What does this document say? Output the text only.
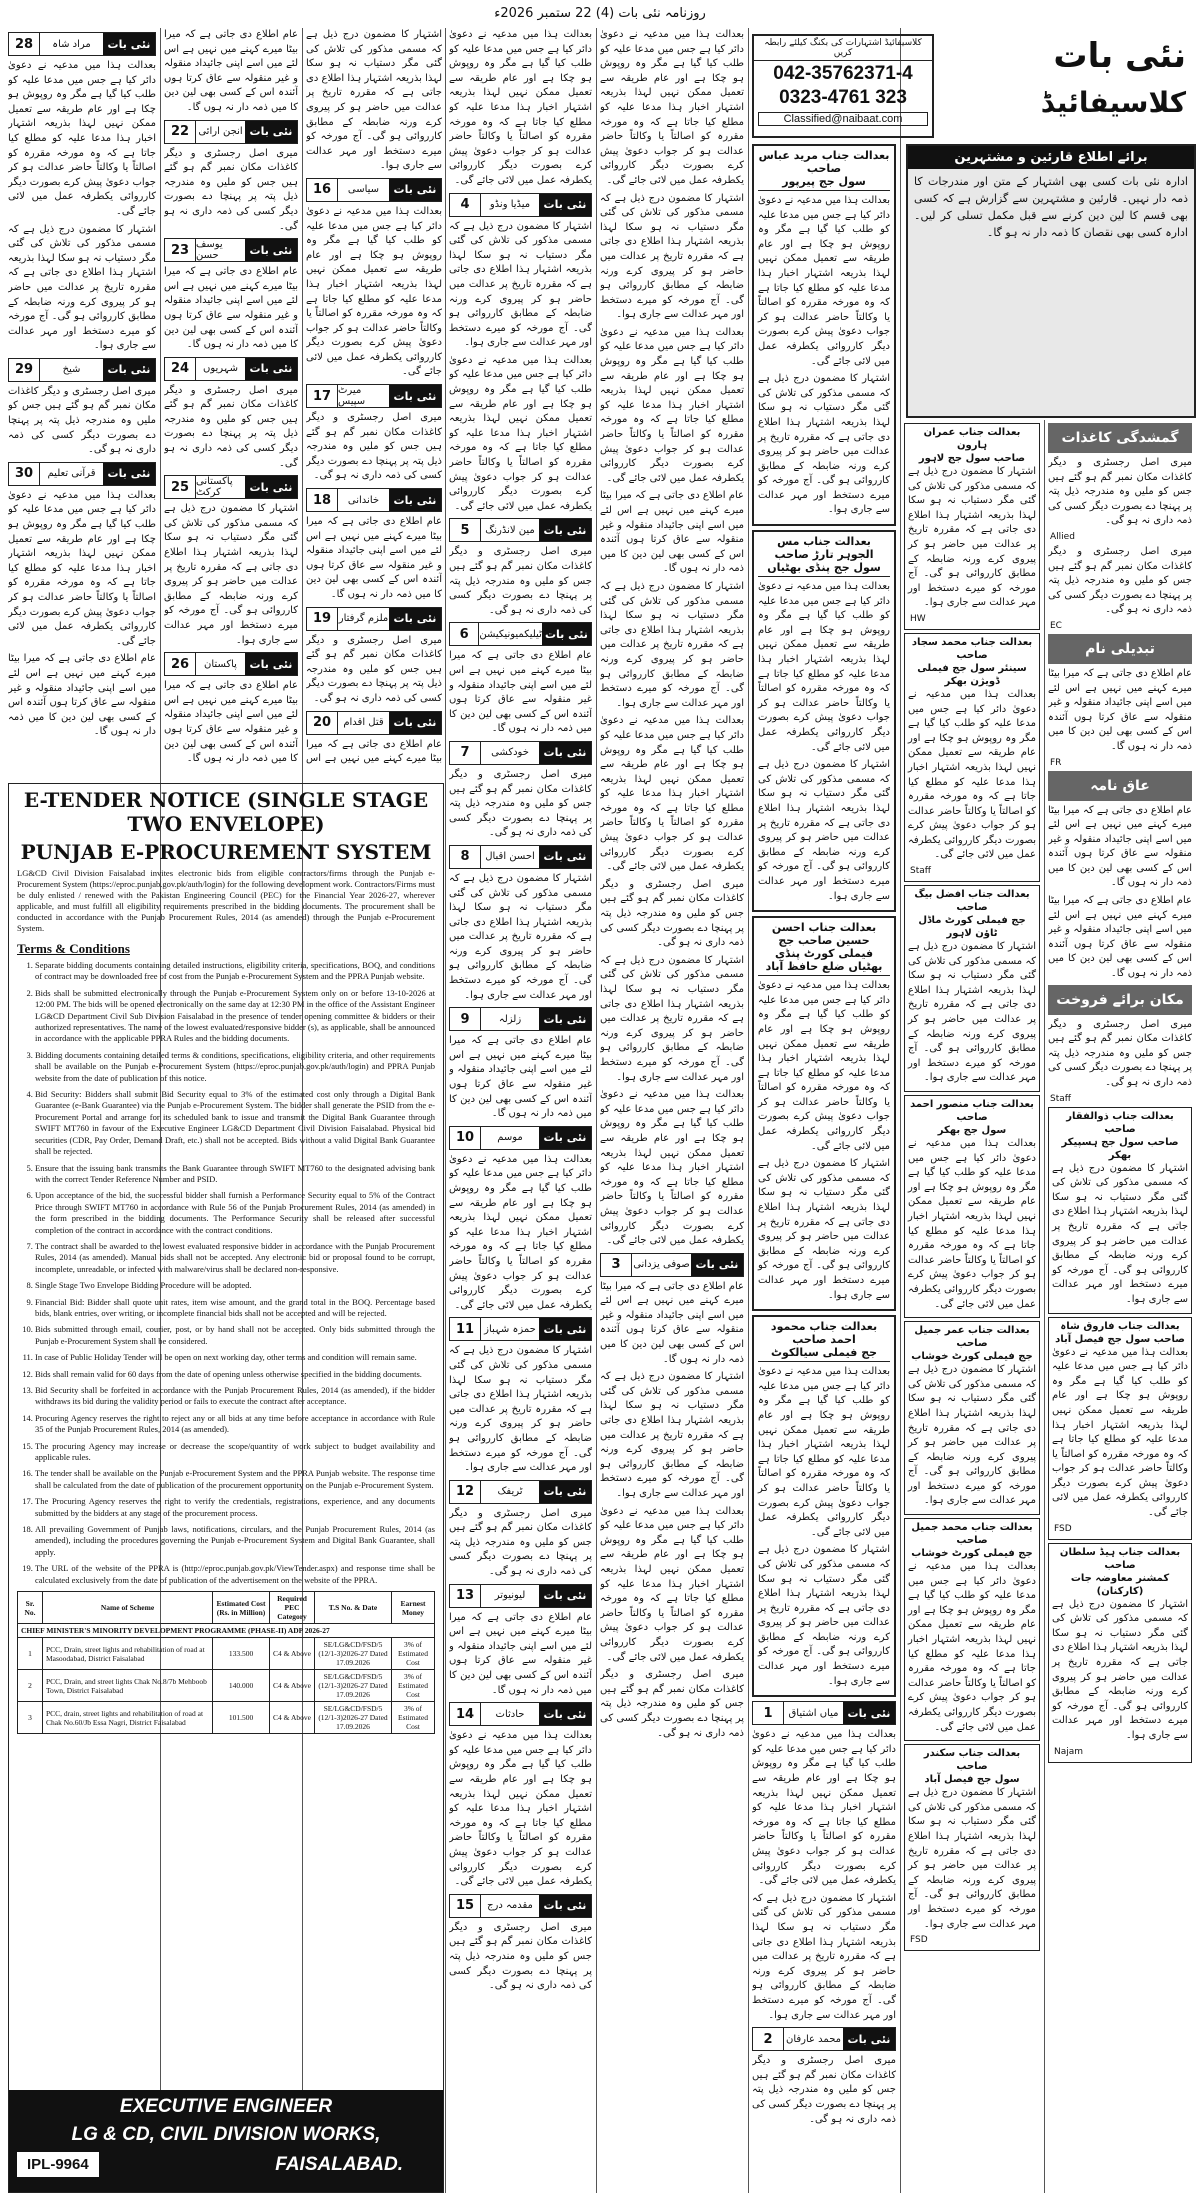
روزنامہ نئی بات (4) 22 ستمبر 2026ء
28	مراد شاہ	نئی بات

بعدالت ہذا میں مدعیہ نے دعویٰ دائر کیا ہے جس میں مدعا علیہ کو طلب کیا گیا ہے مگر وہ روپوش ہو چکا ہے اور عام طریقہ سے تعمیل ممکن نہیں لہذا بذریعہ اشتہار اخبار ہذا مدعا علیہ کو مطلع کیا جاتا ہے کہ وہ مورخہ مقررہ کو اصالتاً یا وکالتاً حاضر عدالت ہو کر جواب دعویٰ پیش کرے بصورت دیگر کارروائی یکطرفہ عمل میں لائی جائے گی۔

اشتہار کا مضمون درج ذیل ہے کہ مسمی مذکور کی تلاش کی گئی مگر دستیاب نہ ہو سکا لہذا بذریعہ اشتہار ہذا اطلاع دی جاتی ہے کہ مقررہ تاریخ پر عدالت میں حاضر ہو کر پیروی کرے ورنہ ضابطہ کے مطابق کارروائی ہو گی۔ آج مورخہ کو میرے دستخط اور مہر عدالت سے جاری ہوا۔

29	شیخ	نئی بات

میری اصل رجسٹری و دیگر کاغذات مکان نمبر گم ہو گئے ہیں جس کو ملیں وہ مندرجہ ذیل پتہ پر پہنچا دے بصورت دیگر کسی کی ذمہ داری نہ ہو گی۔

30	قرآنی تعلیم	نئی بات

بعدالت ہذا میں مدعیہ نے دعویٰ دائر کیا ہے جس میں مدعا علیہ کو طلب کیا گیا ہے مگر وہ روپوش ہو چکا ہے اور عام طریقہ سے تعمیل ممکن نہیں لہذا بذریعہ اشتہار اخبار ہذا مدعا علیہ کو مطلع کیا جاتا ہے کہ وہ مورخہ مقررہ کو اصالتاً یا وکالتاً حاضر عدالت ہو کر جواب دعویٰ پیش کرے بصورت دیگر کارروائی یکطرفہ عمل میں لائی جائے گی۔

عام اطلاع دی جاتی ہے کہ میرا بیٹا میرے کہنے میں نہیں ہے اس لئے میں اسے اپنی جائیداد منقولہ و غیر منقولہ سے عاق کرتا ہوں آئندہ اس کے کسی بھی لین دین کا میں ذمہ دار نہ ہوں گا۔

عام اطلاع دی جاتی ہے کہ میرا بیٹا میرے کہنے میں نہیں ہے اس لئے میں اسے اپنی جائیداد منقولہ و غیر منقولہ سے عاق کرتا ہوں آئندہ اس کے کسی بھی لین دین کا میں ذمہ دار نہ ہوں گا۔

22 انجن ارائی نئی بات

میری اصل رجسٹری و دیگر کاغذات مکان نمبر گم ہو گئے ہیں جس کو ملیں وہ مندرجہ ذیل پتہ پر پہنچا دے بصورت دیگر کسی کی ذمہ داری نہ ہو گی۔

23 یوسف حسن	نئی بات

عام اطلاع دی جاتی ہے کہ میرا بیٹا میرے کہنے میں نہیں ہے اس لئے میں اسے اپنی جائیداد منقولہ و غیر منقولہ سے عاق کرتا ہوں آئندہ اس کے کسی بھی لین دین کا میں ذمہ دار نہ ہوں گا۔

24	شہریوں	نئی بات

میری اصل رجسٹری و دیگر کاغذات مکان نمبر گم ہو گئے ہیں جس کو ملیں وہ مندرجہ ذیل پتہ پر پہنچا دے بصورت دیگر کسی کی ذمہ داری نہ ہو گی۔

25 پاکستانی کرکٹ	نئی بات

اشتہار کا مضمون درج ذیل ہے کہ مسمی مذکور کی تلاش کی گئی مگر دستیاب نہ ہو سکا لہذا بذریعہ اشتہار ہذا اطلاع دی جاتی ہے کہ مقررہ تاریخ پر عدالت میں حاضر ہو کر پیروی کرے ورنہ ضابطہ کے مطابق کارروائی ہو گی۔ آج مورخہ کو میرے دستخط اور مہر عدالت سے جاری ہوا۔

26	پاکستان	نئی بات

عام اطلاع دی جاتی ہے کہ میرا بیٹا میرے کہنے میں نہیں ہے اس لئے میں اسے اپنی جائیداد منقولہ و غیر منقولہ سے عاق کرتا ہوں آئندہ اس کے کسی بھی لین دین کا میں ذمہ دار نہ ہوں گا۔

اشتہار کا مضمون درج ذیل ہے کہ مسمی مذکور کی تلاش کی گئی مگر دستیاب نہ ہو سکا لہذا بذریعہ اشتہار ہذا اطلاع دی جاتی ہے کہ مقررہ تاریخ پر عدالت میں حاضر ہو کر پیروی کرے ورنہ ضابطہ کے مطابق کارروائی ہو گی۔ آج مورخہ کو میرے دستخط اور مہر عدالت سے جاری ہوا۔

16	سیاسی	نئی بات

بعدالت ہذا میں مدعیہ نے دعویٰ دائر کیا ہے جس میں مدعا علیہ کو طلب کیا گیا ہے مگر وہ روپوش ہو چکا ہے اور عام طریقہ سے تعمیل ممکن نہیں لہذا بذریعہ اشتہار اخبار ہذا مدعا علیہ کو مطلع کیا جاتا ہے کہ وہ مورخہ مقررہ کو اصالتاً یا وکالتاً حاضر عدالت ہو کر جواب دعویٰ پیش کرے بصورت دیگر کارروائی یکطرفہ عمل میں لائی جائے گی۔

17 میرٹ سپیس	نئی بات

میری اصل رجسٹری و دیگر کاغذات مکان نمبر گم ہو گئے ہیں جس کو ملیں وہ مندرجہ ذیل پتہ پر پہنچا دے بصورت دیگر کسی کی ذمہ داری نہ ہو گی۔

18	خاندانی	نئی بات

عام اطلاع دی جاتی ہے کہ میرا بیٹا میرے کہنے میں نہیں ہے اس لئے میں اسے اپنی جائیداد منقولہ و غیر منقولہ سے عاق کرتا ہوں آئندہ اس کے کسی بھی لین دین کا میں ذمہ دار نہ ہوں گا۔

19 ملزم گرفتار نئی بات

میری اصل رجسٹری و دیگر کاغذات مکان نمبر گم ہو گئے ہیں جس کو ملیں وہ مندرجہ ذیل پتہ پر پہنچا دے بصورت دیگر کسی کی ذمہ داری نہ ہو گی۔

20	قتل اقدام نئی بات

عام اطلاع دی جاتی ہے کہ میرا بیٹا میرے کہنے میں نہیں ہے اس

E-TENDER NOTICE (SINGLE STAGE TWO ENVELOPE)
PUNJAB E-PROCUREMENT SYSTEM
LG&CD Civil Division Faisalabad invites electronic bids from eligible contractors/firms through the Punjab e-Procurement System (https://eproc.punjab.gov.pk/auth/login) for the following development work. Contractors/Firms must be duly enlisted / renewed with the Pakistan Engineering Council (PEC) for the Financial Year 2026-27, wherever applicable, and must fulfill all eligibility requirements prescribed in the bidding documents. The procurement shall be conducted in accordance with the Punjab Procurement Rules, 2014 (as amended) through the Punjab e-Procurement System.
Terms & Conditions
1. Separate bidding documents containing detailed instructions, eligibility criteria, specifications, BOQ, and conditions of contract may be downloaded free of cost from the Punjab e-Procurement System and the PPRA Punjab website.
2. Bids shall be submitted electronically through the Punjab e-Procurement System only on or before 13-10-2026 at 12:00 PM. The bids will be opened electronically on the same day at 12:30 PM in the office of the Assistant Engineer LG&CD Department Civil Sub Division Faisalabad in the presence of tender opening committee & bidders or their authorized representatives. The name of the lowest evaluated/responsive bidder (s), as applicable, shall be announced in accordance with the applicable PPRA Rules and the bidding documents.
3. Bidding documents containing detailed terms & conditions, specifications, eligibility criteria, and other requirements shall be available on the Punjab e-Procurement System (https://eproc.punjab.gov.pk/auth/login) and PPRA Punjab website from the date of publication of this notice.
4. Bid Security: Bidders shall submit Bid Security equal to 3% of the estimated cost only through a Digital Bank Guarantee (e-Bank Guarantee) via the Punjab e-Procurement System. The bidder shall generate the PSID from the e-Procurement Portal and arrange for its scheduled bank to issue and transmit the Digital Bank Guarantee through SWIFT MT760 in favour of the Executive Engineer LG&CD Department Civil Division Faisalabad. Physical bid securities (CDR, Pay Order, Demand Draft, etc.) shall not be accepted. Bids without a valid Digital Bank Guarantee shall be rejected.
5. Ensure that the issuing bank transmits the Bank Guarantee through SWIFT MT760 to the designated advising bank with the correct Tender Reference Number and PSID.
6. Upon acceptance of the bid, the successful bidder shall furnish a Performance Security equal to 5% of the Contract Price through SWIFT MT760 in accordance with Rule 56 of the Punjab Procurement Rules, 2014 (as amended) in the form prescribed in the bidding documents. The Performance Security shall be released after successful completion of the contract in accordance with the contract conditions.
7. The contract shall be awarded to the lowest evaluated responsive bidder in accordance with the Punjab Procurement Rules, 2014 (as amended). Manual bids shall not be accepted. Any electronic bid or proposal found to be corrupt, incomplete, unreadable, or infected with malware/virus shall be declared non-responsive.
8. Single Stage Two Envelope Bidding Procedure will be adopted.
9. Financial Bid: Bidder shall quote unit rates, item wise amount, and the grand total in the BOQ. Percentage based bids, blank entries, over writing, or incomplete financial bids shall not be accepted and will be rejected.
10. Bids submitted through email, courier, post, or by hand shall not be accepted. Only bids submitted through the Punjab e-Procurement System shall be considered.
11. In case of Public Holiday Tender will be open on next working day, other terms and condition will remain same.
12. Bids shall remain valid for 60 days from the date of opening unless otherwise specified in the bidding documents.
13. Bid Security shall be forfeited in accordance with the Punjab Procurement Rules, 2014 (as amended), if the bidder withdraws its bid during the validity period or fails to execute the contract after acceptance.
14. Procuring Agency reserves the right to reject any or all bids at any time before acceptance in accordance with Rule 35 of the Punjab Procurement Rules, 2014 (as amended).
15. The procuring Agency may increase or decrease the scope/quantity of work subject to budget availability and applicable rules.
16. The tender shall be available on the Punjab e-Procurement System and the PPRA Punjab website. The response time shall be calculated from the date of publication of the procurement opportunity on the Punjab e-Procurement System.
17. The Procuring Agency reserves the right to verify the credentials, registrations, experience, and any documents submitted by the bidders at any stage of the procurement process.
18. All prevailing Government of Punjab laws, notifications, circulars, and the Punjab Procurement Rules, 2014 (as amended), including the procedures governing the Punjab e-Procurement System and Digital Bank Guarantee, shall apply.
19. The URL of the website of the PPRA is (http://eproc.punjab.gov.pk/ViewTender.aspx) and response time shall be calculated exclusively from the date of publication of the advertisement on the website of the PPRA.
Sr. No.	Name of Scheme	Estimated Cost (Rs. in Million)	Required PEC Category	T.S No. & Date	Earnest Money
CHIEF MINISTER'S MINORITY DEVELOPMENT PROGRAMME (PHASE-II) ADP 2026-27					
1	PCC, Drain, street lights and rehabilitation of road at Masoodabad, District Faisalabad	133.500	C4 & Above	SE/LG&CD/FSD/5 (12/1-3)2026-27 Dated 17.09.2026	3% of Estimated Cost
2	PCC, Drain, and street lights Chak No.8/7b Mehboob Town, District Faisalabad	140.000	C4 & Above	SE/LG&CD/FSD/5 (12/1-3)2026-27 Dated 17.09.2026	3% of Estimated Cost
3	PCC, drain, street lights and rehabilitation of road at Chak No.60/Jb Essa Nagri, District Faisalabad	101.500	C4 & Above	SE/LG&CD/FSD/5 (12/1-3)2026-27 Dated 17.09.2026	3% of Estimated Cost
EXECUTIVE ENGINEER
LG & CD, CIVIL DIVISION WORKS,
IPL-9964	FAISALABAD.

بعدالت ہذا میں مدعیہ نے دعویٰ دائر کیا ہے جس میں مدعا علیہ کو طلب کیا گیا ہے مگر وہ روپوش ہو چکا ہے اور عام طریقہ سے تعمیل ممکن نہیں لہذا بذریعہ اشتہار اخبار ہذا مدعا علیہ کو مطلع کیا جاتا ہے کہ وہ مورخہ مقررہ کو اصالتاً یا وکالتاً حاضر عدالت ہو کر جواب دعویٰ پیش کرے بصورت دیگر کارروائی یکطرفہ عمل میں لائی جائے گی۔

4	میڈیا ونڈو	نئی بات

اشتہار کا مضمون درج ذیل ہے کہ مسمی مذکور کی تلاش کی گئی مگر دستیاب نہ ہو سکا لہذا بذریعہ اشتہار ہذا اطلاع دی جاتی ہے کہ مقررہ تاریخ پر عدالت میں حاضر ہو کر پیروی کرے ورنہ ضابطہ کے مطابق کارروائی ہو گی۔ آج مورخہ کو میرے دستخط اور مہر عدالت سے جاری ہوا۔

بعدالت ہذا میں مدعیہ نے دعویٰ دائر کیا ہے جس میں مدعا علیہ کو طلب کیا گیا ہے مگر وہ روپوش ہو چکا ہے اور عام طریقہ سے تعمیل ممکن نہیں لہذا بذریعہ اشتہار اخبار ہذا مدعا علیہ کو مطلع کیا جاتا ہے کہ وہ مورخہ مقررہ کو اصالتاً یا وکالتاً حاضر عدالت ہو کر جواب دعویٰ پیش کرے بصورت دیگر کارروائی یکطرفہ عمل میں لائی جائے گی۔

5	مین لانڈرنگ نئی بات

میری اصل رجسٹری و دیگر کاغذات مکان نمبر گم ہو گئے ہیں جس کو ملیں وہ مندرجہ ذیل پتہ پر پہنچا دے بصورت دیگر کسی کی ذمہ داری نہ ہو گی۔

6	ٹیلیکمیونیکیشن نئی بات

عام اطلاع دی جاتی ہے کہ میرا بیٹا میرے کہنے میں نہیں ہے اس لئے میں اسے اپنی جائیداد منقولہ و غیر منقولہ سے عاق کرتا ہوں آئندہ اس کے کسی بھی لین دین کا میں ذمہ دار نہ ہوں گا۔

7	خودکشی	نئی بات

میری اصل رجسٹری و دیگر کاغذات مکان نمبر گم ہو گئے ہیں جس کو ملیں وہ مندرجہ ذیل پتہ پر پہنچا دے بصورت دیگر کسی کی ذمہ داری نہ ہو گی۔

8	احسن اقبال نئی بات

اشتہار کا مضمون درج ذیل ہے کہ مسمی مذکور کی تلاش کی گئی مگر دستیاب نہ ہو سکا لہذا بذریعہ اشتہار ہذا اطلاع دی جاتی ہے کہ مقررہ تاریخ پر عدالت میں حاضر ہو کر پیروی کرے ورنہ ضابطہ کے مطابق کارروائی ہو گی۔ آج مورخہ کو میرے دستخط اور مہر عدالت سے جاری ہوا۔

9	زلزلہ	نئی بات

عام اطلاع دی جاتی ہے کہ میرا بیٹا میرے کہنے میں نہیں ہے اس لئے میں اسے اپنی جائیداد منقولہ و غیر منقولہ سے عاق کرتا ہوں آئندہ اس کے کسی بھی لین دین کا میں ذمہ دار نہ ہوں گا۔

10	موسم	نئی بات

بعدالت ہذا میں مدعیہ نے دعویٰ دائر کیا ہے جس میں مدعا علیہ کو طلب کیا گیا ہے مگر وہ روپوش ہو چکا ہے اور عام طریقہ سے تعمیل ممکن نہیں لہذا بذریعہ اشتہار اخبار ہذا مدعا علیہ کو مطلع کیا جاتا ہے کہ وہ مورخہ مقررہ کو اصالتاً یا وکالتاً حاضر عدالت ہو کر جواب دعویٰ پیش کرے بصورت دیگر کارروائی یکطرفہ عمل میں لائی جائے گی۔

11	حمزہ شہباز نئی بات

اشتہار کا مضمون درج ذیل ہے کہ مسمی مذکور کی تلاش کی گئی مگر دستیاب نہ ہو سکا لہذا بذریعہ اشتہار ہذا اطلاع دی جاتی ہے کہ مقررہ تاریخ پر عدالت میں حاضر ہو کر پیروی کرے ورنہ ضابطہ کے مطابق کارروائی ہو گی۔ آج مورخہ کو میرے دستخط اور مہر عدالت سے جاری ہوا۔

12	ٹریفک	نئی بات

میری اصل رجسٹری و دیگر کاغذات مکان نمبر گم ہو گئے ہیں جس کو ملیں وہ مندرجہ ذیل پتہ پر پہنچا دے بصورت دیگر کسی کی ذمہ داری نہ ہو گی۔

13	لیونیوتر	نئی بات

عام اطلاع دی جاتی ہے کہ میرا بیٹا میرے کہنے میں نہیں ہے اس لئے میں اسے اپنی جائیداد منقولہ و غیر منقولہ سے عاق کرتا ہوں آئندہ اس کے کسی بھی لین دین کا میں ذمہ دار نہ ہوں گا۔

14	حادثات	نئی بات

بعدالت ہذا میں مدعیہ نے دعویٰ دائر کیا ہے جس میں مدعا علیہ کو طلب کیا گیا ہے مگر وہ روپوش ہو چکا ہے اور عام طریقہ سے تعمیل ممکن نہیں لہذا بذریعہ اشتہار اخبار ہذا مدعا علیہ کو مطلع کیا جاتا ہے کہ وہ مورخہ مقررہ کو اصالتاً یا وکالتاً حاضر عدالت ہو کر جواب دعویٰ پیش کرے بصورت دیگر کارروائی یکطرفہ عمل میں لائی جائے گی۔

15	مقدمہ درج نئی بات

میری اصل رجسٹری و دیگر کاغذات مکان نمبر گم ہو گئے ہیں جس کو ملیں وہ مندرجہ ذیل پتہ پر پہنچا دے بصورت دیگر کسی کی ذمہ داری نہ ہو گی۔

بعدالت ہذا میں مدعیہ نے دعویٰ دائر کیا ہے جس میں مدعا علیہ کو طلب کیا گیا ہے مگر وہ روپوش ہو چکا ہے اور عام طریقہ سے تعمیل ممکن نہیں لہذا بذریعہ اشتہار اخبار ہذا مدعا علیہ کو مطلع کیا جاتا ہے کہ وہ مورخہ مقررہ کو اصالتاً یا وکالتاً حاضر عدالت ہو کر جواب دعویٰ پیش کرے بصورت دیگر کارروائی یکطرفہ عمل میں لائی جائے گی۔

اشتہار کا مضمون درج ذیل ہے کہ مسمی مذکور کی تلاش کی گئی مگر دستیاب نہ ہو سکا لہذا بذریعہ اشتہار ہذا اطلاع دی جاتی ہے کہ مقررہ تاریخ پر عدالت میں حاضر ہو کر پیروی کرے ورنہ ضابطہ کے مطابق کارروائی ہو گی۔ آج مورخہ کو میرے دستخط اور مہر عدالت سے جاری ہوا۔

بعدالت ہذا میں مدعیہ نے دعویٰ دائر کیا ہے جس میں مدعا علیہ کو طلب کیا گیا ہے مگر وہ روپوش ہو چکا ہے اور عام طریقہ سے تعمیل ممکن نہیں لہذا بذریعہ اشتہار اخبار ہذا مدعا علیہ کو مطلع کیا جاتا ہے کہ وہ مورخہ مقررہ کو اصالتاً یا وکالتاً حاضر عدالت ہو کر جواب دعویٰ پیش کرے بصورت دیگر کارروائی یکطرفہ عمل میں لائی جائے گی۔

عام اطلاع دی جاتی ہے کہ میرا بیٹا میرے کہنے میں نہیں ہے اس لئے میں اسے اپنی جائیداد منقولہ و غیر منقولہ سے عاق کرتا ہوں آئندہ اس کے کسی بھی لین دین کا میں ذمہ دار نہ ہوں گا۔

اشتہار کا مضمون درج ذیل ہے کہ مسمی مذکور کی تلاش کی گئی مگر دستیاب نہ ہو سکا لہذا بذریعہ اشتہار ہذا اطلاع دی جاتی ہے کہ مقررہ تاریخ پر عدالت میں حاضر ہو کر پیروی کرے ورنہ ضابطہ کے مطابق کارروائی ہو گی۔ آج مورخہ کو میرے دستخط اور مہر عدالت سے جاری ہوا۔

بعدالت ہذا میں مدعیہ نے دعویٰ دائر کیا ہے جس میں مدعا علیہ کو طلب کیا گیا ہے مگر وہ روپوش ہو چکا ہے اور عام طریقہ سے تعمیل ممکن نہیں لہذا بذریعہ اشتہار اخبار ہذا مدعا علیہ کو مطلع کیا جاتا ہے کہ وہ مورخہ مقررہ کو اصالتاً یا وکالتاً حاضر عدالت ہو کر جواب دعویٰ پیش کرے بصورت دیگر کارروائی یکطرفہ عمل میں لائی جائے گی۔

میری اصل رجسٹری و دیگر کاغذات مکان نمبر گم ہو گئے ہیں جس کو ملیں وہ مندرجہ ذیل پتہ پر پہنچا دے بصورت دیگر کسی کی ذمہ داری نہ ہو گی۔

اشتہار کا مضمون درج ذیل ہے کہ مسمی مذکور کی تلاش کی گئی مگر دستیاب نہ ہو سکا لہذا بذریعہ اشتہار ہذا اطلاع دی جاتی ہے کہ مقررہ تاریخ پر عدالت میں حاضر ہو کر پیروی کرے ورنہ ضابطہ کے مطابق کارروائی ہو گی۔ آج مورخہ کو میرے دستخط اور مہر عدالت سے جاری ہوا۔

بعدالت ہذا میں مدعیہ نے دعویٰ دائر کیا ہے جس میں مدعا علیہ کو طلب کیا گیا ہے مگر وہ روپوش ہو چکا ہے اور عام طریقہ سے تعمیل ممکن نہیں لہذا بذریعہ اشتہار اخبار ہذا مدعا علیہ کو مطلع کیا جاتا ہے کہ وہ مورخہ مقررہ کو اصالتاً یا وکالتاً حاضر عدالت ہو کر جواب دعویٰ پیش کرے بصورت دیگر کارروائی یکطرفہ عمل میں لائی جائے گی۔

3	صوفی یزدانی نئی بات

عام اطلاع دی جاتی ہے کہ میرا بیٹا میرے کہنے میں نہیں ہے اس لئے میں اسے اپنی جائیداد منقولہ و غیر منقولہ سے عاق کرتا ہوں آئندہ اس کے کسی بھی لین دین کا میں ذمہ دار نہ ہوں گا۔

اشتہار کا مضمون درج ذیل ہے کہ مسمی مذکور کی تلاش کی گئی مگر دستیاب نہ ہو سکا لہذا بذریعہ اشتہار ہذا اطلاع دی جاتی ہے کہ مقررہ تاریخ پر عدالت میں حاضر ہو کر پیروی کرے ورنہ ضابطہ کے مطابق کارروائی ہو گی۔ آج مورخہ کو میرے دستخط اور مہر عدالت سے جاری ہوا۔

بعدالت ہذا میں مدعیہ نے دعویٰ دائر کیا ہے جس میں مدعا علیہ کو طلب کیا گیا ہے مگر وہ روپوش ہو چکا ہے اور عام طریقہ سے تعمیل ممکن نہیں لہذا بذریعہ اشتہار اخبار ہذا مدعا علیہ کو مطلع کیا جاتا ہے کہ وہ مورخہ مقررہ کو اصالتاً یا وکالتاً حاضر عدالت ہو کر جواب دعویٰ پیش کرے بصورت دیگر کارروائی یکطرفہ عمل میں لائی جائے گی۔

میری اصل رجسٹری و دیگر کاغذات مکان نمبر گم ہو گئے ہیں جس کو ملیں وہ مندرجہ ذیل پتہ پر پہنچا دے بصورت دیگر کسی کی ذمہ داری نہ ہو گی۔

کلاسیفائیڈ اشتہارات کی بکنگ کیلئے رابطہ کریں
042-35762371-4
0323-4761 323
Classified@naibaat.com
نئی بات
کلاسیفائیڈ
بعدالت جناب مرید عباس صاحب
سول جج پیرپور

بعدالت ہذا میں مدعیہ نے دعویٰ دائر کیا ہے جس میں مدعا علیہ کو طلب کیا گیا ہے مگر وہ روپوش ہو چکا ہے اور عام طریقہ سے تعمیل ممکن نہیں لہذا بذریعہ اشتہار اخبار ہذا مدعا علیہ کو مطلع کیا جاتا ہے کہ وہ مورخہ مقررہ کو اصالتاً یا وکالتاً حاضر عدالت ہو کر جواب دعویٰ پیش کرے بصورت دیگر کارروائی یکطرفہ عمل میں لائی جائے گی۔

اشتہار کا مضمون درج ذیل ہے کہ مسمی مذکور کی تلاش کی گئی مگر دستیاب نہ ہو سکا لہذا بذریعہ اشتہار ہذا اطلاع دی جاتی ہے کہ مقررہ تاریخ پر عدالت میں حاضر ہو کر پیروی کرے ورنہ ضابطہ کے مطابق کارروائی ہو گی۔ آج مورخہ کو میرے دستخط اور مہر عدالت سے جاری ہوا۔

بعدالت جناب مس الجوہر تارڑ صاحب
سول جج پنڈی بھٹیاں

بعدالت ہذا میں مدعیہ نے دعویٰ دائر کیا ہے جس میں مدعا علیہ کو طلب کیا گیا ہے مگر وہ روپوش ہو چکا ہے اور عام طریقہ سے تعمیل ممکن نہیں لہذا بذریعہ اشتہار اخبار ہذا مدعا علیہ کو مطلع کیا جاتا ہے کہ وہ مورخہ مقررہ کو اصالتاً یا وکالتاً حاضر عدالت ہو کر جواب دعویٰ پیش کرے بصورت دیگر کارروائی یکطرفہ عمل میں لائی جائے گی۔

اشتہار کا مضمون درج ذیل ہے کہ مسمی مذکور کی تلاش کی گئی مگر دستیاب نہ ہو سکا لہذا بذریعہ اشتہار ہذا اطلاع دی جاتی ہے کہ مقررہ تاریخ پر عدالت میں حاضر ہو کر پیروی کرے ورنہ ضابطہ کے مطابق کارروائی ہو گی۔ آج مورخہ کو میرے دستخط اور مہر عدالت سے جاری ہوا۔

بعدالت جناب احسن حسین صاحب جج
فیملی کورٹ پنڈی بھٹیاں ضلع حافظ آباد

بعدالت ہذا میں مدعیہ نے دعویٰ دائر کیا ہے جس میں مدعا علیہ کو طلب کیا گیا ہے مگر وہ روپوش ہو چکا ہے اور عام طریقہ سے تعمیل ممکن نہیں لہذا بذریعہ اشتہار اخبار ہذا مدعا علیہ کو مطلع کیا جاتا ہے کہ وہ مورخہ مقررہ کو اصالتاً یا وکالتاً حاضر عدالت ہو کر جواب دعویٰ پیش کرے بصورت دیگر کارروائی یکطرفہ عمل میں لائی جائے گی۔

اشتہار کا مضمون درج ذیل ہے کہ مسمی مذکور کی تلاش کی گئی مگر دستیاب نہ ہو سکا لہذا بذریعہ اشتہار ہذا اطلاع دی جاتی ہے کہ مقررہ تاریخ پر عدالت میں حاضر ہو کر پیروی کرے ورنہ ضابطہ کے مطابق کارروائی ہو گی۔ آج مورخہ کو میرے دستخط اور مہر عدالت سے جاری ہوا۔

بعدالت جناب محمود احمد صاحب
جج فیملی سیالکوٹ

بعدالت ہذا میں مدعیہ نے دعویٰ دائر کیا ہے جس میں مدعا علیہ کو طلب کیا گیا ہے مگر وہ روپوش ہو چکا ہے اور عام طریقہ سے تعمیل ممکن نہیں لہذا بذریعہ اشتہار اخبار ہذا مدعا علیہ کو مطلع کیا جاتا ہے کہ وہ مورخہ مقررہ کو اصالتاً یا وکالتاً حاضر عدالت ہو کر جواب دعویٰ پیش کرے بصورت دیگر کارروائی یکطرفہ عمل میں لائی جائے گی۔

اشتہار کا مضمون درج ذیل ہے کہ مسمی مذکور کی تلاش کی گئی مگر دستیاب نہ ہو سکا لہذا بذریعہ اشتہار ہذا اطلاع دی جاتی ہے کہ مقررہ تاریخ پر عدالت میں حاضر ہو کر پیروی کرے ورنہ ضابطہ کے مطابق کارروائی ہو گی۔ آج مورخہ کو میرے دستخط اور مہر عدالت سے جاری ہوا۔

1	میاں اشتیاق نئی بات

بعدالت ہذا میں مدعیہ نے دعویٰ دائر کیا ہے جس میں مدعا علیہ کو طلب کیا گیا ہے مگر وہ روپوش ہو چکا ہے اور عام طریقہ سے تعمیل ممکن نہیں لہذا بذریعہ اشتہار اخبار ہذا مدعا علیہ کو مطلع کیا جاتا ہے کہ وہ مورخہ مقررہ کو اصالتاً یا وکالتاً حاضر عدالت ہو کر جواب دعویٰ پیش کرے بصورت دیگر کارروائی یکطرفہ عمل میں لائی جائے گی۔

اشتہار کا مضمون درج ذیل ہے کہ مسمی مذکور کی تلاش کی گئی مگر دستیاب نہ ہو سکا لہذا بذریعہ اشتہار ہذا اطلاع دی جاتی ہے کہ مقررہ تاریخ پر عدالت میں حاضر ہو کر پیروی کرے ورنہ ضابطہ کے مطابق کارروائی ہو گی۔ آج مورخہ کو میرے دستخط اور مہر عدالت سے جاری ہوا۔

2	محمد عارفان نئی بات

میری اصل رجسٹری و دیگر کاغذات مکان نمبر گم ہو گئے ہیں جس کو ملیں وہ مندرجہ ذیل پتہ پر پہنچا دے بصورت دیگر کسی کی ذمہ داری نہ ہو گی۔

برائے اطلاع قارئین و مشتہرین

ادارہ نئی بات کسی بھی اشتہار کے متن اور مندرجات کا ذمہ دار نہیں۔ قارئین و مشتہرین سے گزارش ہے کہ کسی بھی قسم کا لین دین کرنے سے قبل مکمل تسلی کر لیں۔ ادارہ کسی بھی نقصان کا ذمہ دار نہ ہو گا۔

بعدالت جناب عمران ہارون
صاحب سول جج لاہور

اشتہار کا مضمون درج ذیل ہے کہ مسمی مذکور کی تلاش کی گئی مگر دستیاب نہ ہو سکا لہذا بذریعہ اشتہار ہذا اطلاع دی جاتی ہے کہ مقررہ تاریخ پر عدالت میں حاضر ہو کر پیروی کرے ورنہ ضابطہ کے مطابق کارروائی ہو گی۔ آج مورخہ کو میرے دستخط اور مہر عدالت سے جاری ہوا۔

HW
بعدالت جناب محمد سجاد صاحب
سینئر سول جج فیملی ڈویژن بھکر

بعدالت ہذا میں مدعیہ نے دعویٰ دائر کیا ہے جس میں مدعا علیہ کو طلب کیا گیا ہے مگر وہ روپوش ہو چکا ہے اور عام طریقہ سے تعمیل ممکن نہیں لہذا بذریعہ اشتہار اخبار ہذا مدعا علیہ کو مطلع کیا جاتا ہے کہ وہ مورخہ مقررہ کو اصالتاً یا وکالتاً حاضر عدالت ہو کر جواب دعویٰ پیش کرے بصورت دیگر کارروائی یکطرفہ عمل میں لائی جائے گی۔

Staff
بعدالت جناب افضل بیگ صاحب
جج فیملی کورٹ ماڈل ٹاؤن لاہور

اشتہار کا مضمون درج ذیل ہے کہ مسمی مذکور کی تلاش کی گئی مگر دستیاب نہ ہو سکا لہذا بذریعہ اشتہار ہذا اطلاع دی جاتی ہے کہ مقررہ تاریخ پر عدالت میں حاضر ہو کر پیروی کرے ورنہ ضابطہ کے مطابق کارروائی ہو گی۔ آج مورخہ کو میرے دستخط اور مہر عدالت سے جاری ہوا۔

بعدالت جناب منصور احمد صاحب
سول جج بھکر

بعدالت ہذا میں مدعیہ نے دعویٰ دائر کیا ہے جس میں مدعا علیہ کو طلب کیا گیا ہے مگر وہ روپوش ہو چکا ہے اور عام طریقہ سے تعمیل ممکن نہیں لہذا بذریعہ اشتہار اخبار ہذا مدعا علیہ کو مطلع کیا جاتا ہے کہ وہ مورخہ مقررہ کو اصالتاً یا وکالتاً حاضر عدالت ہو کر جواب دعویٰ پیش کرے بصورت دیگر کارروائی یکطرفہ عمل میں لائی جائے گی۔

بعدالت جناب عمر جمیل صاحب
جج فیملی کورٹ خوشاب

اشتہار کا مضمون درج ذیل ہے کہ مسمی مذکور کی تلاش کی گئی مگر دستیاب نہ ہو سکا لہذا بذریعہ اشتہار ہذا اطلاع دی جاتی ہے کہ مقررہ تاریخ پر عدالت میں حاضر ہو کر پیروی کرے ورنہ ضابطہ کے مطابق کارروائی ہو گی۔ آج مورخہ کو میرے دستخط اور مہر عدالت سے جاری ہوا۔

بعدالت جناب محمد جمیل صاحب
جج فیملی کورٹ خوشاب

بعدالت ہذا میں مدعیہ نے دعویٰ دائر کیا ہے جس میں مدعا علیہ کو طلب کیا گیا ہے مگر وہ روپوش ہو چکا ہے اور عام طریقہ سے تعمیل ممکن نہیں لہذا بذریعہ اشتہار اخبار ہذا مدعا علیہ کو مطلع کیا جاتا ہے کہ وہ مورخہ مقررہ کو اصالتاً یا وکالتاً حاضر عدالت ہو کر جواب دعویٰ پیش کرے بصورت دیگر کارروائی یکطرفہ عمل میں لائی جائے گی۔

بعدالت جناب سکندر صاحب
سول جج فیصل آباد

اشتہار کا مضمون درج ذیل ہے کہ مسمی مذکور کی تلاش کی گئی مگر دستیاب نہ ہو سکا لہذا بذریعہ اشتہار ہذا اطلاع دی جاتی ہے کہ مقررہ تاریخ پر عدالت میں حاضر ہو کر پیروی کرے ورنہ ضابطہ کے مطابق کارروائی ہو گی۔ آج مورخہ کو میرے دستخط اور مہر عدالت سے جاری ہوا۔

FSD
گمشدگی کاغذات

میری اصل رجسٹری و دیگر کاغذات مکان نمبر گم ہو گئے ہیں جس کو ملیں وہ مندرجہ ذیل پتہ پر پہنچا دے بصورت دیگر کسی کی ذمہ داری نہ ہو گی۔

Allied

میری اصل رجسٹری و دیگر کاغذات مکان نمبر گم ہو گئے ہیں جس کو ملیں وہ مندرجہ ذیل پتہ پر پہنچا دے بصورت دیگر کسی کی ذمہ داری نہ ہو گی۔

EC
تبدیلی نام

عام اطلاع دی جاتی ہے کہ میرا بیٹا میرے کہنے میں نہیں ہے اس لئے میں اسے اپنی جائیداد منقولہ و غیر منقولہ سے عاق کرتا ہوں آئندہ اس کے کسی بھی لین دین کا میں ذمہ دار نہ ہوں گا۔

FR
عاق نامہ

عام اطلاع دی جاتی ہے کہ میرا بیٹا میرے کہنے میں نہیں ہے اس لئے میں اسے اپنی جائیداد منقولہ و غیر منقولہ سے عاق کرتا ہوں آئندہ اس کے کسی بھی لین دین کا میں ذمہ دار نہ ہوں گا۔

عام اطلاع دی جاتی ہے کہ میرا بیٹا میرے کہنے میں نہیں ہے اس لئے میں اسے اپنی جائیداد منقولہ و غیر منقولہ سے عاق کرتا ہوں آئندہ اس کے کسی بھی لین دین کا میں ذمہ دار نہ ہوں گا۔

مکان برائے فروخت

میری اصل رجسٹری و دیگر کاغذات مکان نمبر گم ہو گئے ہیں جس کو ملیں وہ مندرجہ ذیل پتہ پر پہنچا دے بصورت دیگر کسی کی ذمہ داری نہ ہو گی۔

Staff
بعدالت جناب ذوالفقار صاحب
صاحب سول جج ہسپیکر بھکر

اشتہار کا مضمون درج ذیل ہے کہ مسمی مذکور کی تلاش کی گئی مگر دستیاب نہ ہو سکا لہذا بذریعہ اشتہار ہذا اطلاع دی جاتی ہے کہ مقررہ تاریخ پر عدالت میں حاضر ہو کر پیروی کرے ورنہ ضابطہ کے مطابق کارروائی ہو گی۔ آج مورخہ کو میرے دستخط اور مہر عدالت سے جاری ہوا۔

بعدالت جناب فاروق شاہ
صاحب سول جج فیصل آباد

بعدالت ہذا میں مدعیہ نے دعویٰ دائر کیا ہے جس میں مدعا علیہ کو طلب کیا گیا ہے مگر وہ روپوش ہو چکا ہے اور عام طریقہ سے تعمیل ممکن نہیں لہذا بذریعہ اشتہار اخبار ہذا مدعا علیہ کو مطلع کیا جاتا ہے کہ وہ مورخہ مقررہ کو اصالتاً یا وکالتاً حاضر عدالت ہو کر جواب دعویٰ پیش کرے بصورت دیگر کارروائی یکطرفہ عمل میں لائی جائے گی۔

FSD
بعدالت جناب ہیڈ سلطان صاحب
کمشنر معاوضہ جات (کارکنان)

اشتہار کا مضمون درج ذیل ہے کہ مسمی مذکور کی تلاش کی گئی مگر دستیاب نہ ہو سکا لہذا بذریعہ اشتہار ہذا اطلاع دی جاتی ہے کہ مقررہ تاریخ پر عدالت میں حاضر ہو کر پیروی کرے ورنہ ضابطہ کے مطابق کارروائی ہو گی۔ آج مورخہ کو میرے دستخط اور مہر عدالت سے جاری ہوا۔

Najam
